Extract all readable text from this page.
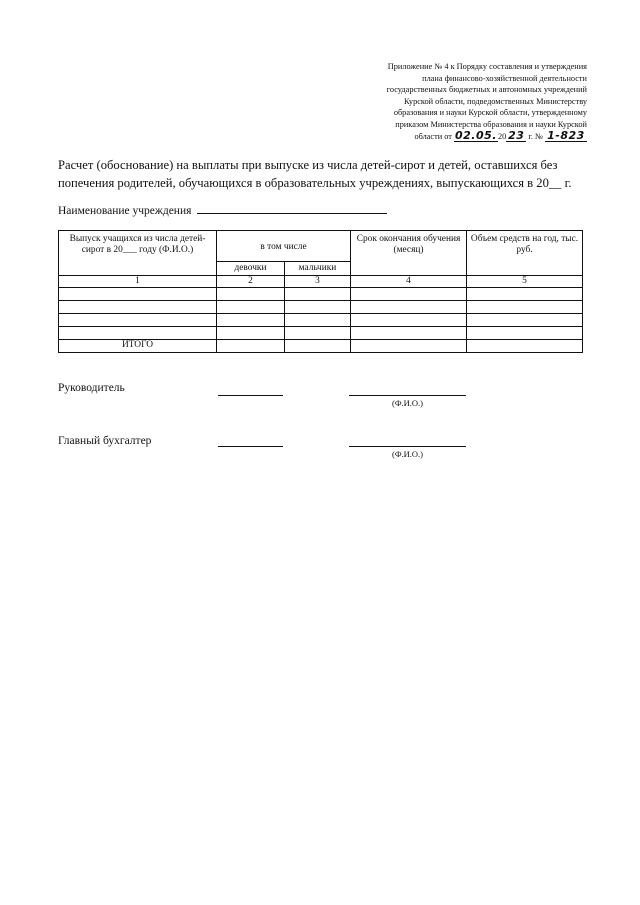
Приложение № 4 к Порядку составления и утверждения
плана финансово-хозяйственной деятельности
государственных бюджетных и автономных учреждений
Курской области, подведомственных Министерству
образования и науки Курской области, утвержденному
приказом Министерства образования и науки Курской
области от 02.05.20 23 г. № 1-823
Расчет (обоснование) на выплаты при выпуске из числа детей-сирот и детей, оставшихся без попечения родителей, обучающихся в образовательных учреждениях, выпускающихся в 20__ г.
Наименование учреждения
Выпуск учащихся из числа детей-сирот в 20___ году (Ф.И.О.)	в том числе		Срок окончания обучения (месяц)	Объем средств на год, тыс. руб.
	девочки	мальчики		
1	2	3	4	5

ИТОГО				
Руководитель
(Ф.И.О.)
Главный бухгалтер
(Ф.И.О.)
